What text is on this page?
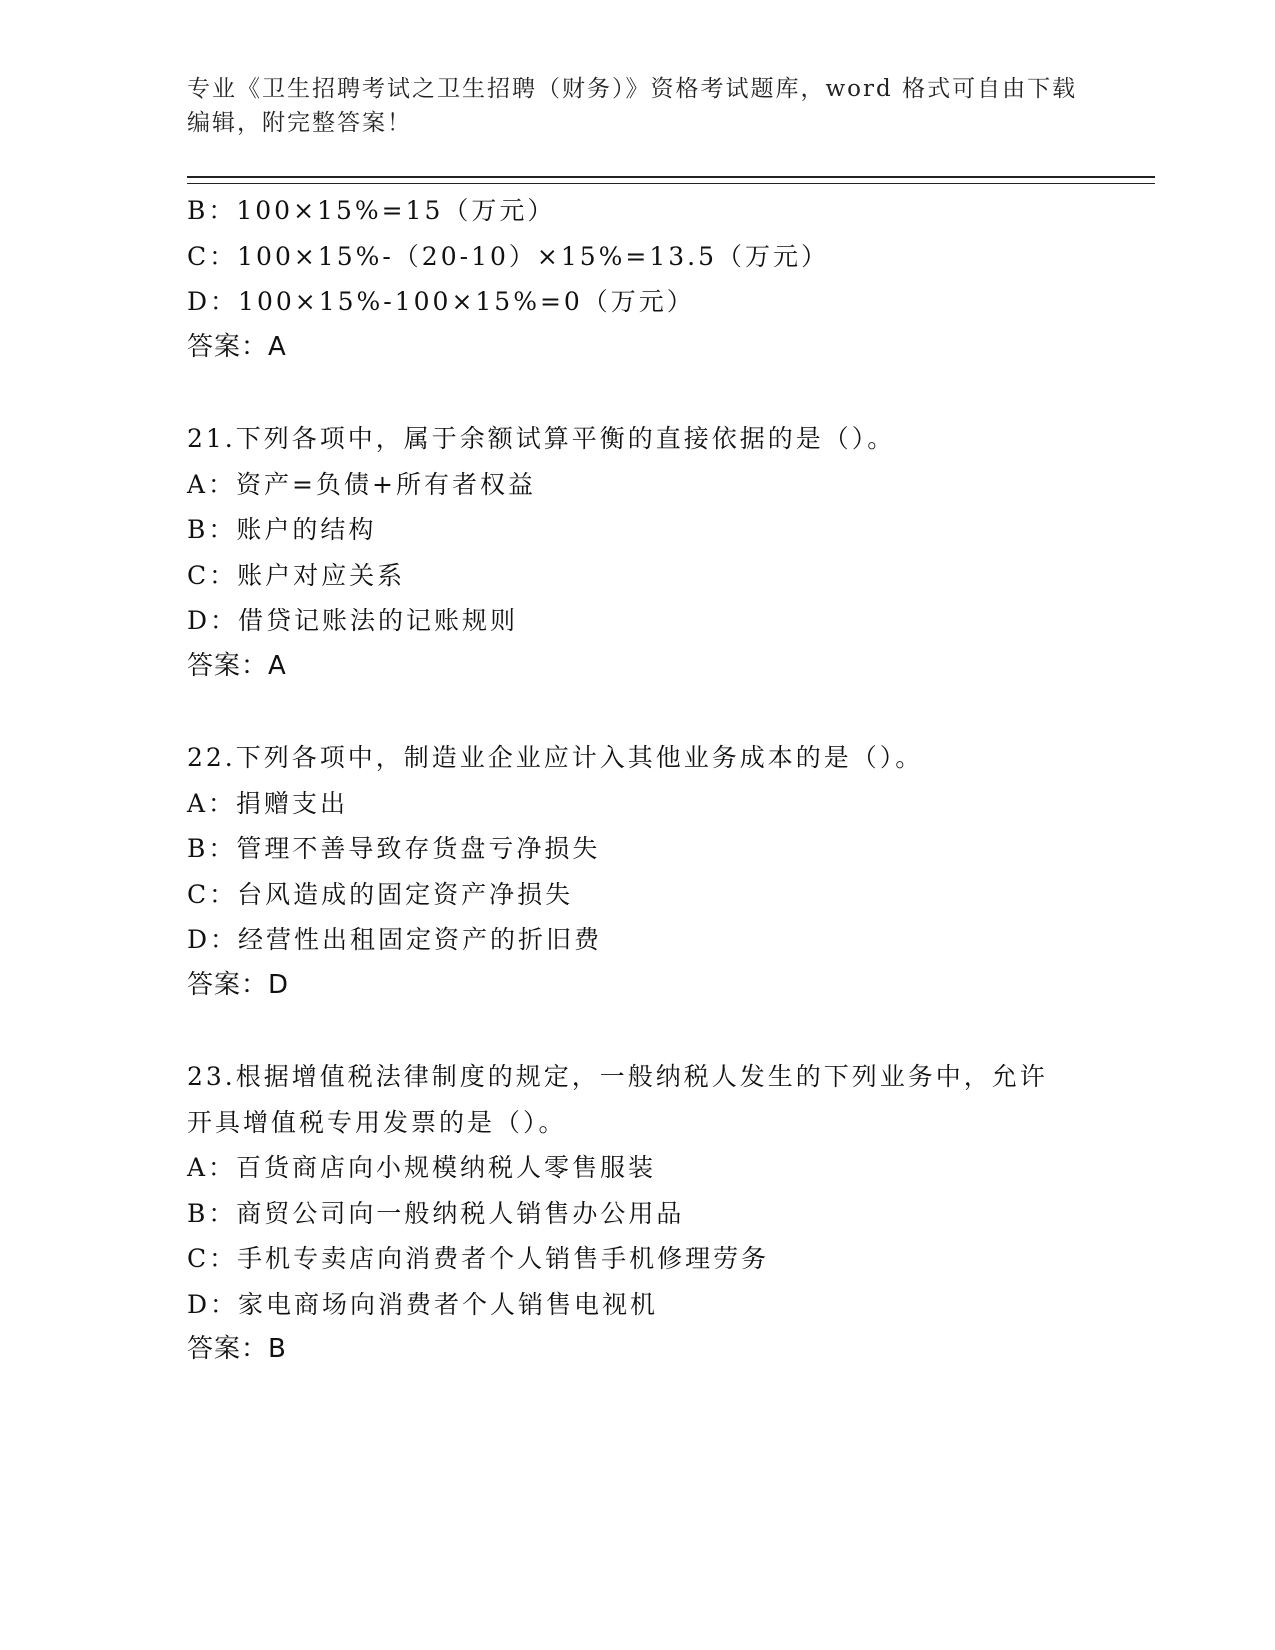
专业《卫生招聘考试之卫生招聘（财务）》资格考试题库，word 格式可自由下载
编辑，附完整答案！
B：100×15%=15（万元）
C：100×15%-（20-10）×15%=13.5（万元）
D：100×15%-100×15%=0（万元）
答案：A
21.下列各项中，属于余额试算平衡的直接依据的是（）。
A：资产=负债+所有者权益
B：账户的结构
C：账户对应关系
D：借贷记账法的记账规则
答案：A
22.下列各项中，制造业企业应计入其他业务成本的是（）。
A：捐赠支出
B：管理不善导致存货盘亏净损失
C：台风造成的固定资产净损失
D：经营性出租固定资产的折旧费
答案：D
23.根据增值税法律制度的规定，一般纳税人发生的下列业务中，允许
开具增值税专用发票的是（）。
A：百货商店向小规模纳税人零售服装
B：商贸公司向一般纳税人销售办公用品
C：手机专卖店向消费者个人销售手机修理劳务
D：家电商场向消费者个人销售电视机
答案：B
